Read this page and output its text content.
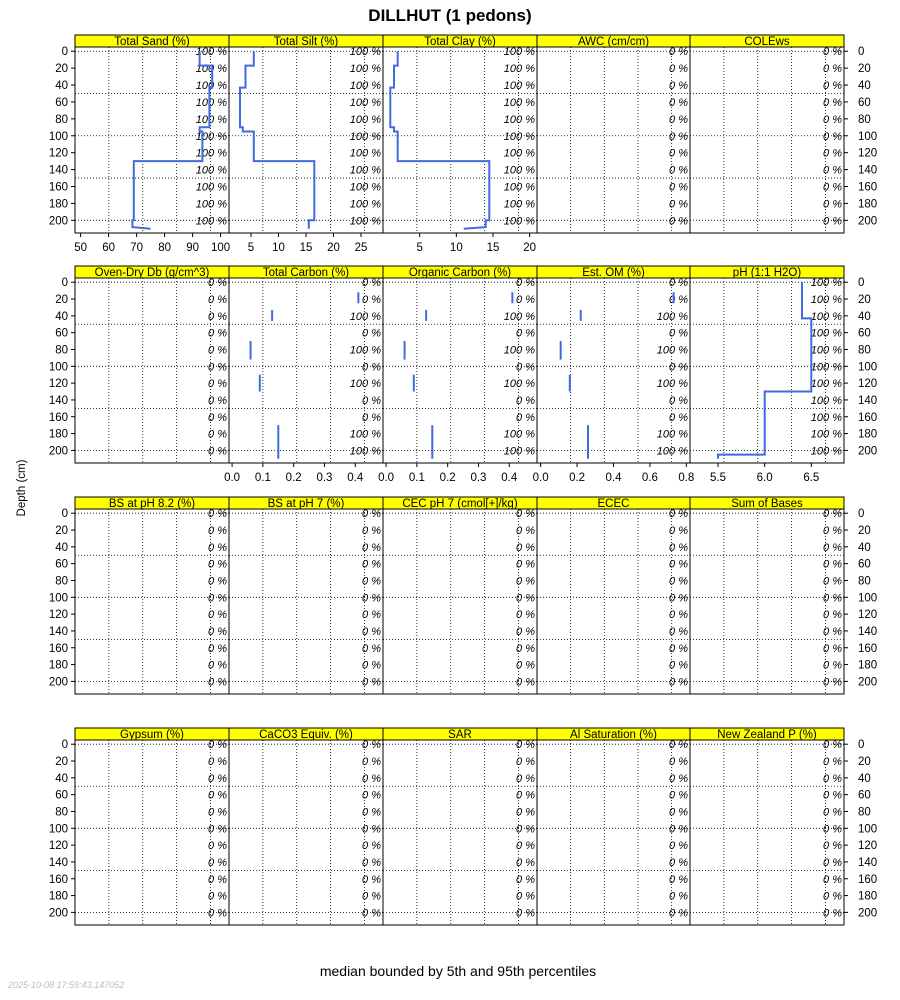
DILLHUT (1 pedons)
median bounded by 5th and 95th percentiles
Depth (cm)
2025-10-08 17:59:43.147052
Total Sand (%)
100 %
100 %
100 %
100 %
100 %
100 %
100 %
100 %
100 %
100 %
100 %
0
20
40
60
80
100
120
140
160
180
200
50 60 70 80 90 100
Total Silt (%)
100 %
100 %
100 %
100 %
100 %
100 %
100 %
100 %
100 %
100 %
100 %
5 10 15 20 25
Total Clay (%)
100 %
100 %
100 %
100 %
100 %
100 %
100 %
100 %
100 %
100 %
100 %
5 10 15 20
AWC (cm/cm)
0 %
0 %
0 %
0 %
0 %
0 %
0 %
0 %
0 %
0 %
0 %
COLEws
0 %
0 %
0 %
0 %
0 %
0 %
0 %
0 %
0 %
0 %
0 %
0
20
40
60
80
100
120
140
160
180
200
Oven-Dry Db (g/cm^3)
0 %
0 %
0 %
0 %
0 %
0 %
0 %
0 %
0 %
0 %
0 %
0
20
40
60
80
100
120
140
160
180
200
Total Carbon (%)
0 %
0 %
100 %
0 %
100 %
0 %
100 %
0 %
0 %
100 %
100 %
0.0 0.1 0.2 0.3 0.4
Organic Carbon (%)
0 %
0 %
100 %
0 %
100 %
0 %
100 %
0 %
0 %
100 %
100 %
0.0 0.1 0.2 0.3 0.4
Est. OM (%)
0 %
0 %
100 %
0 %
100 %
0 %
100 %
0 %
0 %
100 %
100 %
0.0 0.2 0.4 0.6 0.8
pH (1:1 H2O)
100 %
100 %
100 %
100 %
100 %
100 %
100 %
100 %
100 %
100 %
100 %
0
20
40
60
80
100
120
140
160
180
200
5.5	6.0	6.5
BS at pH 8.2 (%)
0 %
0 %
0 %
0 %
0 %
0 %
0 %
0 %
0 %
0 %
0 %
0
20
40
60
80
100
120
140
160
180
200
BS at pH 7 (%)
0 %
0 %
0 %
0 %
0 %
0 %
0 %
0 %
0 %
0 %
0 %
CEC pH 7 (cmol[+]/kg)
0 %
0 %
0 %
0 %
0 %
0 %
0 %
0 %
0 %
0 %
0 %
ECEC
0 %
0 %
0 %
0 %
0 %
0 %
0 %
0 %
0 %
0 %
0 %
Sum of Bases
0 %
0 %
0 %
0 %
0 %
0 %
0 %
0 %
0 %
0 %
0 %
0
20
40
60
80
100
120
140
160
180
200
Gypsum (%)
0 %
0 %
0 %
0 %
0 %
0 %
0 %
0 %
0 %
0 %
0 %
0
20
40
60
80
100
120
140
160
180
200
CaCO3 Equiv. (%)
0 %
0 %
0 %
0 %
0 %
0 %
0 %
0 %
0 %
0 %
0 %
SAR
0 %
0 %
0 %
0 %
0 %
0 %
0 %
0 %
0 %
0 %
0 %
Al Saturation (%)
0 %
0 %
0 %
0 %
0 %
0 %
0 %
0 %
0 %
0 %
0 %
New Zealand P (%)
0 %
0 %
0 %
0 %
0 %
0 %
0 %
0 %
0 %
0 %
0 %
0
20
40
60
80
100
120
140
160
180
200
